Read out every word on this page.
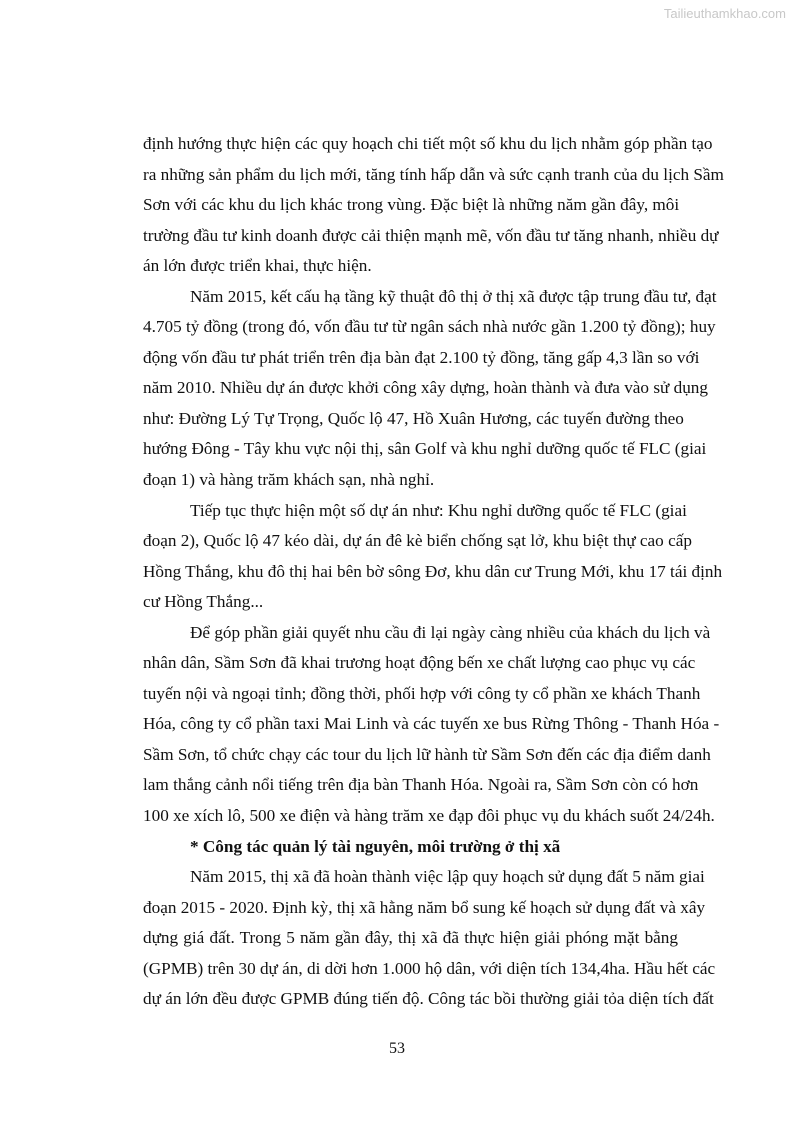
Tailieuthamkhao.com
định hướng thực hiện các quy hoạch chi tiết một số khu du lịch nhằm góp phần tạo
ra những sản phẩm du lịch mới, tăng tính hấp dẫn và sức cạnh tranh của du lịch Sầm
Sơn với các khu du lịch khác trong vùng. Đặc biệt là những năm gần đây, môi
trường đầu tư kinh doanh được cải thiện mạnh mẽ, vốn đầu tư tăng nhanh, nhiều dự
án lớn được triển khai, thực hiện.
Năm 2015, kết cấu hạ tầng kỹ thuật đô thị ở thị xã được tập trung đầu tư, đạt
4.705 tỷ đồng (trong đó, vốn đầu tư từ ngân sách nhà nước gần 1.200 tỷ đồng); huy
động vốn đầu tư phát triển trên địa bàn đạt 2.100 tỷ đồng, tăng gấp 4,3 lần so với
năm 2010. Nhiều dự án được khởi công xây dựng, hoàn thành và đưa vào sử dụng
như: Đường Lý Tự Trọng, Quốc lộ 47, Hồ Xuân Hương, các tuyến đường theo
hướng Đông - Tây khu vực nội thị, sân Golf và khu nghỉ dưỡng quốc tế FLC (giai
đoạn 1) và hàng trăm khách sạn, nhà nghỉ.
Tiếp tục thực hiện một số dự án như: Khu nghỉ dưỡng quốc tế FLC (giai
đoạn 2), Quốc lộ 47 kéo dài, dự án đê kè biển chống sạt lở, khu biệt thự cao cấp
Hồng Thắng, khu đô thị hai bên bờ sông Đơ, khu dân cư Trung Mới, khu 17 tái định
cư Hồng Thắng...
Để góp phần giải quyết nhu cầu đi lại ngày càng nhiều của khách du lịch và
nhân dân, Sầm Sơn đã khai trương hoạt động bến xe chất lượng cao phục vụ các
tuyến nội và ngoại tỉnh; đồng thời, phối hợp với công ty cổ phần xe khách Thanh
Hóa, công ty cổ phần taxi Mai Linh và các tuyến xe bus Rừng Thông - Thanh Hóa -
Sầm Sơn, tổ chức chạy các tour du lịch lữ hành từ Sầm Sơn đến các địa điểm danh
lam thắng cảnh nổi tiếng trên địa bàn Thanh Hóa. Ngoài ra, Sầm Sơn còn có hơn
100 xe xích lô, 500 xe điện và hàng trăm xe đạp đôi phục vụ du khách suốt 24/24h.
* Công tác quản lý tài nguyên, môi trường ở thị xã
Năm 2015, thị xã đã hoàn thành việc lập quy hoạch sử dụng đất 5 năm giai
đoạn 2015 - 2020. Định kỳ, thị xã hằng năm bổ sung kế hoạch sử dụng đất và xây
dựng giá đất. Trong 5 năm gần đây, thị xã đã thực hiện giải phóng mặt bằng
(GPMB) trên 30 dự án, di dời hơn 1.000 hộ dân, với diện tích 134,4ha. Hầu hết các
dự án lớn đều được GPMB đúng tiến độ. Công tác bồi thường giải tỏa diện tích đất
53
